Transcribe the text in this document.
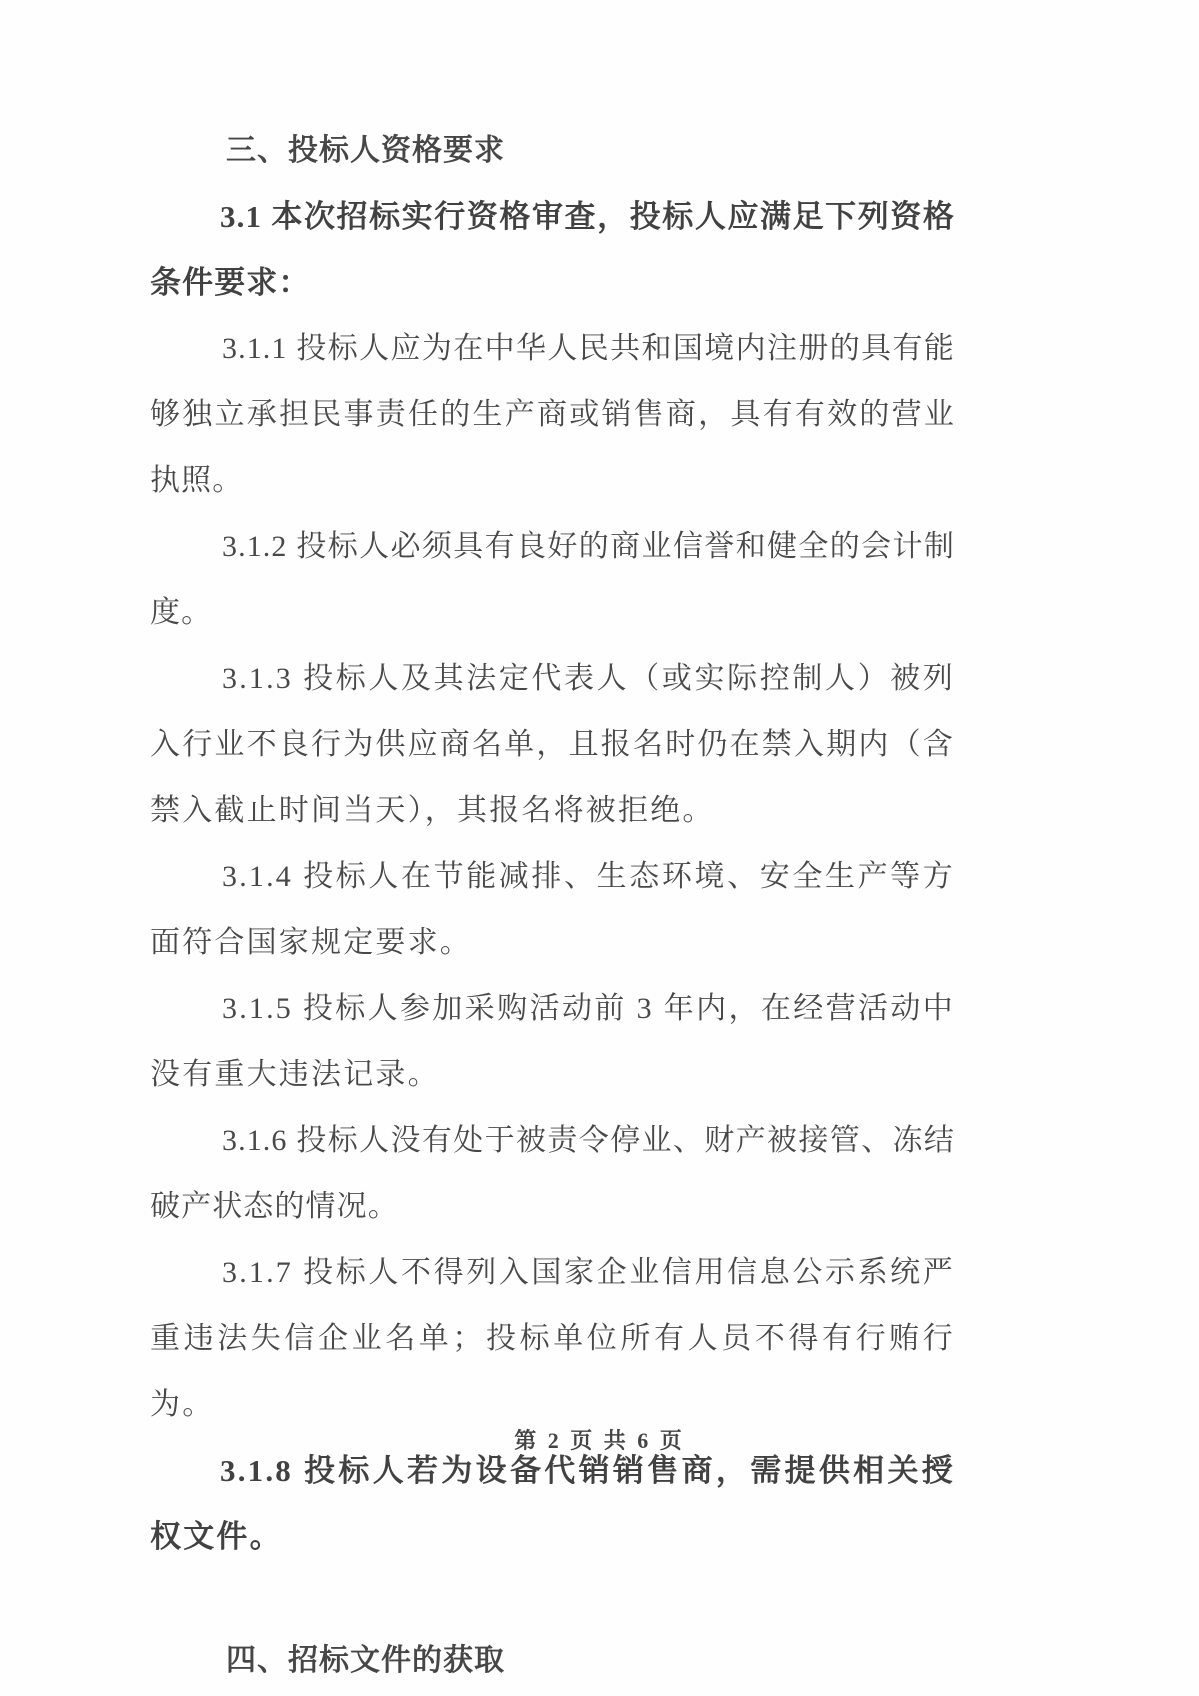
三、投标人资格要求

3.1 本次招标实行资格审查，投标人应满足下列资格条件要求：

3.1.1 投标人应为在中华人民共和国境内注册的具有能够独立承担民事责任的生产商或销售商，具有有效的营业执照。

3.1.2 投标人必须具有良好的商业信誉和健全的会计制度。

3.1.3 投标人及其法定代表人（或实际控制人）被列入行业不良行为供应商名单，且报名时仍在禁入期内（含禁入截止时间当天），其报名将被拒绝。

3.1.4 投标人在节能减排、生态环境、安全生产等方面符合国家规定要求。

3.1.5 投标人参加采购活动前 3 年内，在经营活动中没有重大违法记录。

3.1.6 投标人没有处于被责令停业、财产被接管、冻结破产状态的情况。

3.1.7 投标人不得列入国家企业信用信息公示系统严重违法失信企业名单；投标单位所有人员不得有行贿行为。

3.1.8 投标人若为设备代销销售商，需提供相关授权文件。

四、招标文件的获取
第 2 页 共 6 页
